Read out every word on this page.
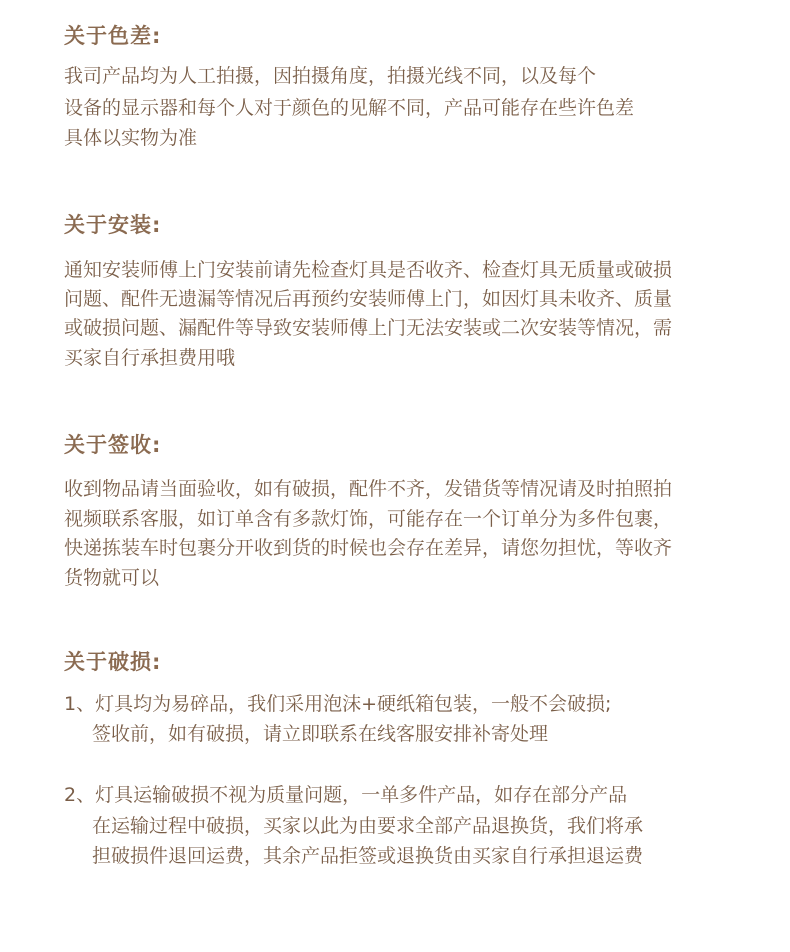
关于色差:

我司产品均为人工拍摄，因拍摄角度，拍摄光线不同，以及每个

设备的显示器和每个人对于颜色的见解不同，产品可能存在些许色差

具体以实物为准

关于安装:

通知安装师傅上门安装前请先检查灯具是否收齐、检查灯具无质量或破损

问题、配件无遗漏等情况后再预约安装师傅上门，如因灯具未收齐、质量

或破损问题、漏配件等导致安装师傅上门无法安装或二次安装等情况，需

买家自行承担费用哦

关于签收:

收到物品请当面验收，如有破损，配件不齐，发错货等情况请及时拍照拍

视频联系客服，如订单含有多款灯饰，可能存在一个订单分为多件包裹，

快递拣装车时包裹分开收到货的时候也会存在差异，请您勿担忧，等收齐

货物就可以

关于破损:

1、灯具均为易碎品，我们采用泡沫+硬纸箱包装，一般不会破损;

签收前，如有破损，请立即联系在线客服安排补寄处理

2、灯具运输破损不视为质量问题，一单多件产品，如存在部分产品

在运输过程中破损，买家以此为由要求全部产品退换货，我们将承

担破损件退回运费，其余产品拒签或退换货由买家自行承担退运费
